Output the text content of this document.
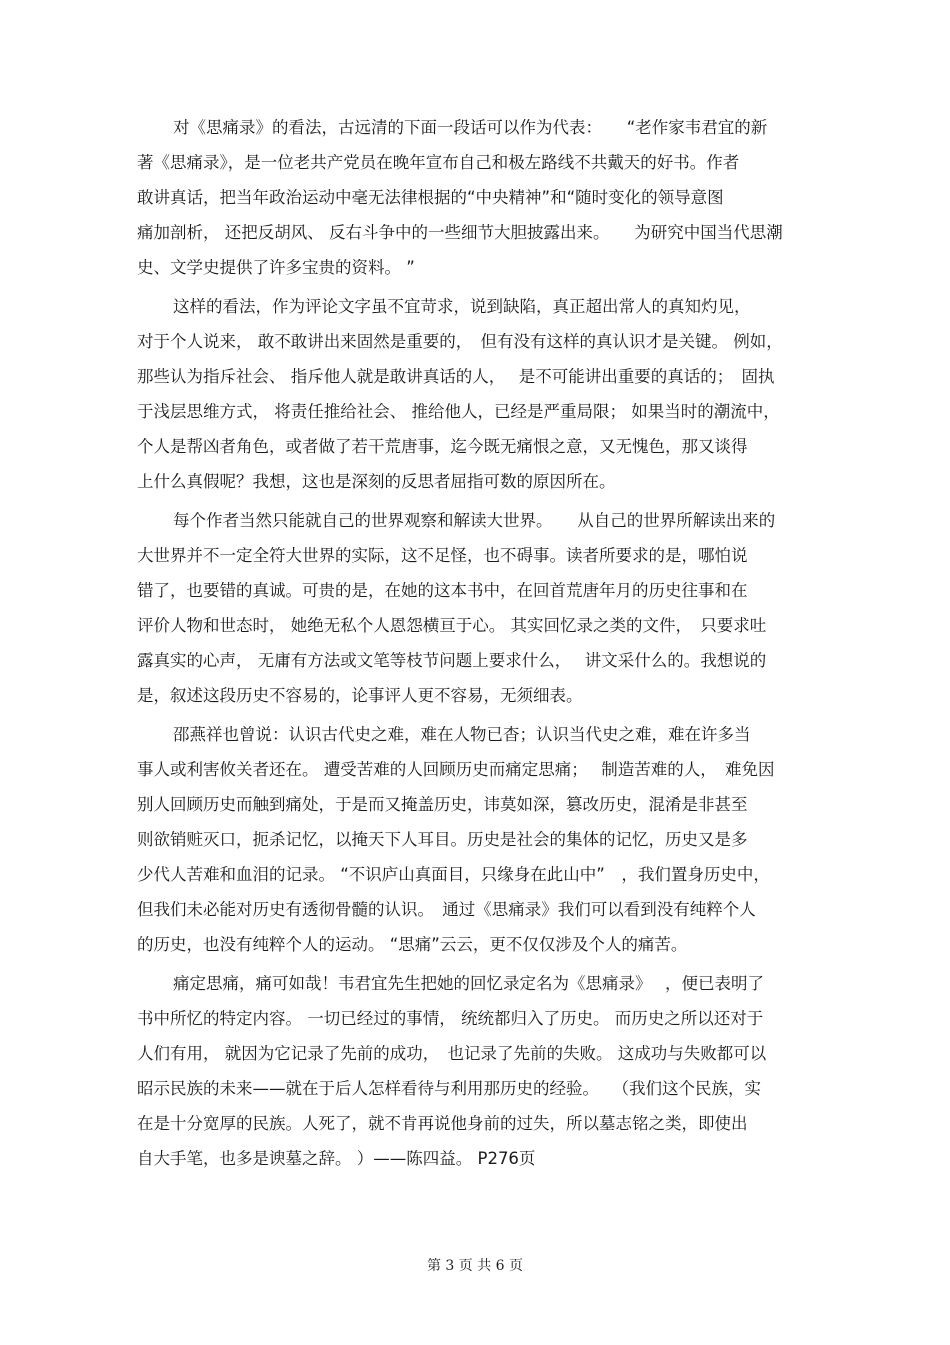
对《思痛录》的看法，古远清的下面一段话可以作为代表：　　“老作家韦君宜的新
著《思痛录》，是一位老共产党员在晚年宣布自己和极左路线不共戴天的好书。作者
敢讲真话，把当年政治运动中毫无法律根据的“中央精神”和“随时变化的领导意图
痛加剖析， 还把反胡风、 反右斗争中的一些细节大胆披露出来。　　为研究中国当代思潮
史、文学史提供了许多宝贵的资料。 ”
这样的看法，作为评论文字虽不宜苛求，说到缺陷，真正超出常人的真知灼见，
对于个人说来， 敢不敢讲出来固然是重要的，　但有没有这样的真认识才是关键。 例如，
那些认为指斥社会、 指斥他人就是敢讲真话的人，　 是不可能讲出重要的真话的；　固执
于浅层思维方式， 将责任推给社会、 推给他人，已经是严重局限； 如果当时的潮流中，
个人是帮凶者角色，或者做了若干荒唐事，迄今既无痛恨之意，又无愧色，那又谈得
上什么真假呢？我想，这也是深刻的反思者屈指可数的原因所在。
每个作者当然只能就自己的世界观察和解读大世界。　　从自己的世界所解读出来的
大世界并不一定全符大世界的实际，这不足怪，也不碍事。读者所要求的是，哪怕说
错了，也要错的真诚。可贵的是，在她的这本书中，在回首荒唐年月的历史往事和在
评价人物和世态时， 她绝无私个人恩怨横亘于心。 其实回忆录之类的文件，　只要求吐
露真实的心声， 无庸有方法或文笔等枝节问题上要求什么，　 讲文采什么的。我想说的
是，叙述这段历史不容易的，论事评人更不容易，无须细表。
邵燕祥也曾说：认识古代史之难，难在人物已杳；认识当代史之难，难在许多当
事人或利害攸关者还在。 遭受苦难的人回顾历史而痛定思痛；　 制造苦难的人，　难免因
别人回顾历史而触到痛处，于是而又掩盖历史，讳莫如深，篡改历史，混淆是非甚至
则欲销赃灭口，扼杀记忆，以掩天下人耳目。历史是社会的集体的记忆，历史又是多
少代人苦难和血泪的记录。 “不识庐山真面目，只缘身在此山中”　，我们置身历史中，
但我们未必能对历史有透彻骨髓的认识。　通过《思痛录》我们可以看到没有纯粹个人
的历史，也没有纯粹个人的运动。 “思痛”云云，更不仅仅涉及个人的痛苦。
痛定思痛，痛可如哉！韦君宜先生把她的回忆录定名为《思痛录》　 ，便已表明了
书中所忆的特定内容。 一切已经过的事情， 统统都归入了历史。 而历史之所以还对于
人们有用， 就因为它记录了先前的成功，　也记录了先前的失败。 这成功与失败都可以
昭示民族的未来——就在于后人怎样看待与利用那历史的经验。　 （我们这个民族，实
在是十分宽厚的民族。人死了，就不肯再说他身前的过失，所以墓志铭之类，即使出
自大手笔，也多是谀墓之辞。 ）——陈四益。 P276页
第 3 页 共 6 页
